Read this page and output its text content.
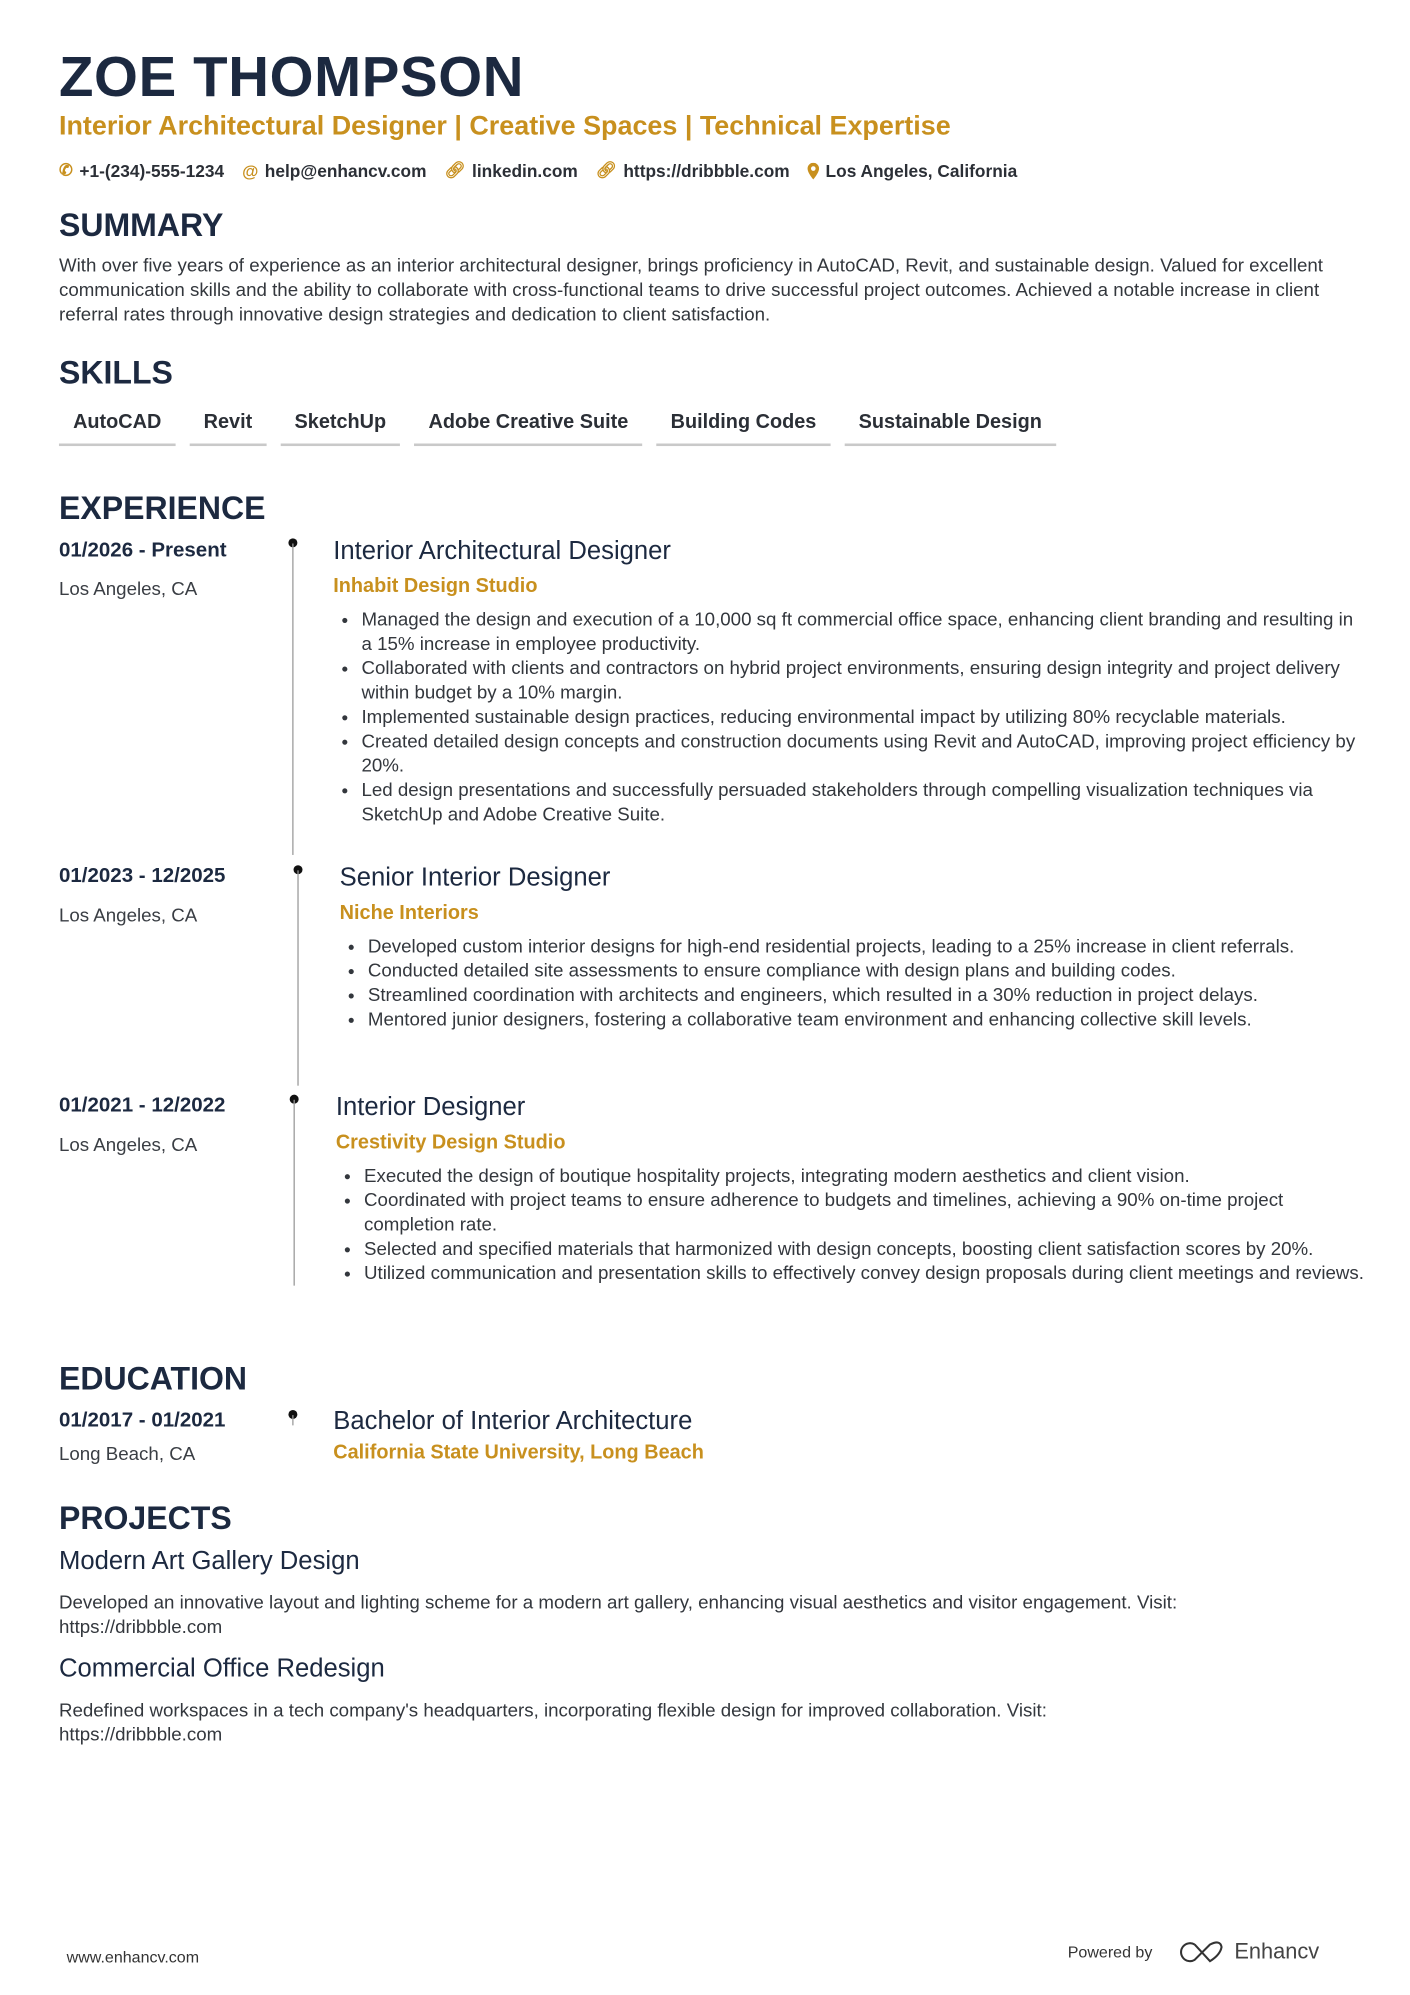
ZOE THOMPSON
Interior Architectural Designer | Creative Spaces | Technical Expertise
✆ +1-(234)-555-1234 @ help@enhancv.com 🔗︎ linkedin.com 🔗︎ https://dribbble.com	Los Angeles, California
SUMMARY
With over five years of experience as an interior architectural designer, brings proficiency in AutoCAD, Revit, and sustainable design. Valued for excellent communication skills and the ability to collaborate with cross-functional teams to drive successful project outcomes. Achieved a notable increase in client referral rates through innovative design strategies and dedication to client satisfaction.
SKILLS
AutoCAD	Revit	SketchUp	Adobe Creative Suite	Building Codes	Sustainable Design
EXPERIENCE
01/2026 - Present
Los Angeles, CA
Interior Architectural Designer
Inhabit Design Studio
• Managed the design and execution of a 10,000 sq ft commercial office space, enhancing client branding and resulting in a 15% increase in employee productivity.
• Collaborated with clients and contractors on hybrid project environments, ensuring design integrity and project delivery within budget by a 10% margin.
• Implemented sustainable design practices, reducing environmental impact by utilizing 80% recyclable materials.
• Created detailed design concepts and construction documents using Revit and AutoCAD, improving project efficiency by 20%.
• Led design presentations and successfully persuaded stakeholders through compelling visualization techniques via SketchUp and Adobe Creative Suite.
01/2023 - 12/2025
Los Angeles, CA
Senior Interior Designer
Niche Interiors
• Developed custom interior designs for high-end residential projects, leading to a 25% increase in client referrals.
• Conducted detailed site assessments to ensure compliance with design plans and building codes.
• Streamlined coordination with architects and engineers, which resulted in a 30% reduction in project delays.
• Mentored junior designers, fostering a collaborative team environment and enhancing collective skill levels.
01/2021 - 12/2022
Los Angeles, CA
Interior Designer
Crestivity Design Studio
• Executed the design of boutique hospitality projects, integrating modern aesthetics and client vision.
• Coordinated with project teams to ensure adherence to budgets and timelines, achieving a 90% on-time project completion rate.
• Selected and specified materials that harmonized with design concepts, boosting client satisfaction scores by 20%.
• Utilized communication and presentation skills to effectively convey design proposals during client meetings and reviews.
EDUCATION
01/2017 - 01/2021
Long Beach, CA
Bachelor of Interior Architecture
California State University, Long Beach
PROJECTS
Modern Art Gallery Design
Developed an innovative layout and lighting scheme for a modern art gallery, enhancing visual aesthetics and visitor engagement. Visit: https://dribbble.com
Commercial Office Redesign
Redefined workspaces in a tech company's headquarters, incorporating flexible design for improved collaboration. Visit: https://dribbble.com
www.enhancv.com	Powered by	Enhancv
